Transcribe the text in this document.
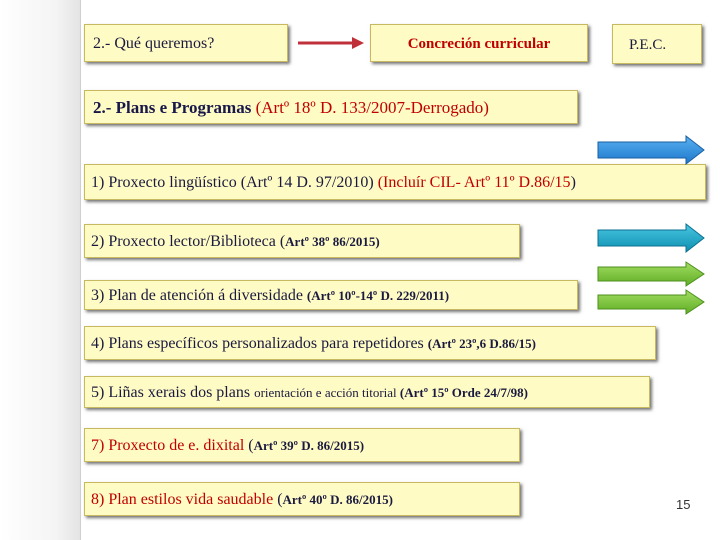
2.- Qué queremos?	Concreción curricular	P.E.C.
2.- Plans e Programas (Artº 18º D. 133/2007-Derrogado)
1) Proxecto lingüístico (Artº 14 D. 97/2010) (Incluír CIL- Artº 11º D.86/15)
2) Proxecto lector/Biblioteca (Artº 38º 86/2015)
3) Plan de atención á diversidade (Artº 10º-14º D. 229/2011)
4) Plans específicos personalizados para repetidores (Artº 23º,6 D.86/15)
5) Liñas xerais dos plans orientación e acción titorial (Artº 15º Orde 24/7/98)
7) Proxecto de e. dixital (Artº 39º D. 86/2015)
8) Plan estilos vida saudable (Artº 40º D. 86/2015)	15
